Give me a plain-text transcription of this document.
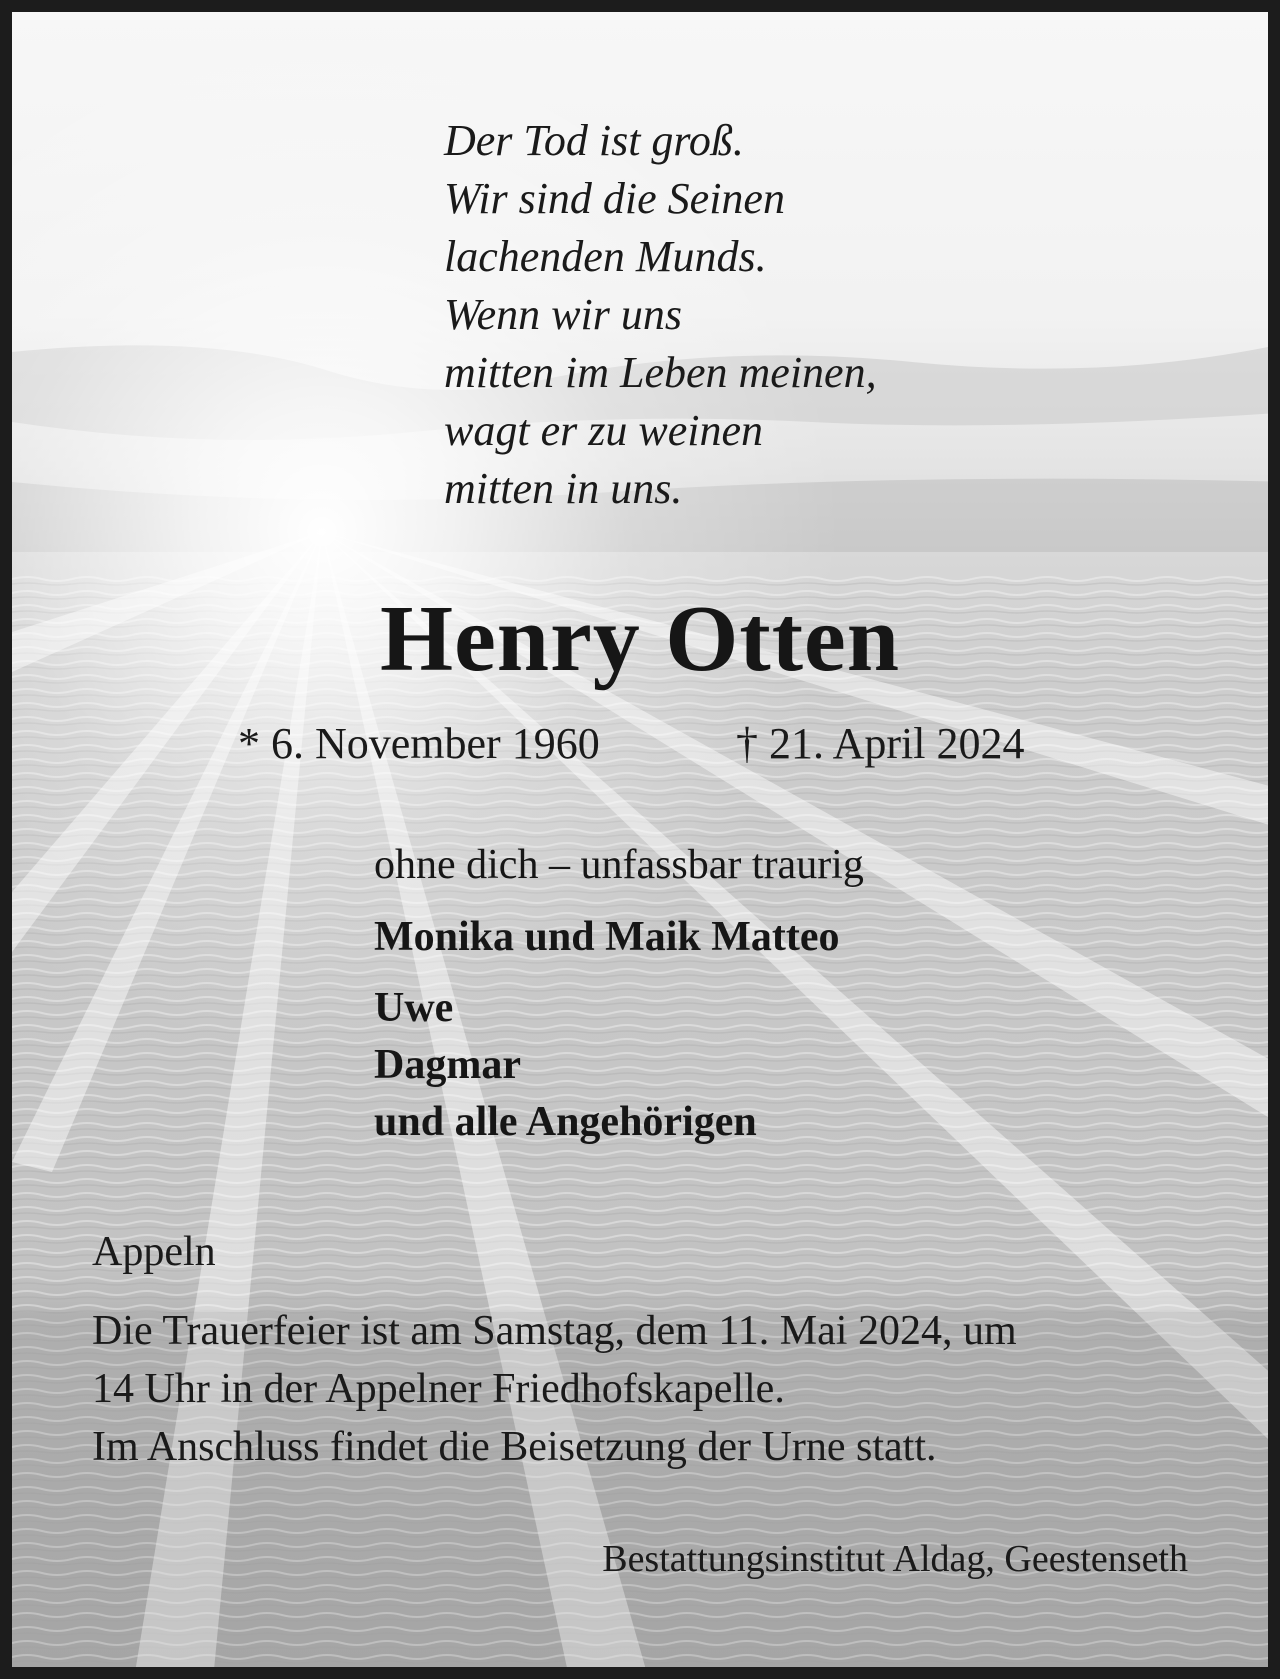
Der Tod ist groß.
Wir sind die Seinen
lachenden Munds.
Wenn wir uns
mitten im Leben meinen,
wagt er zu weinen
mitten in uns.
Henry Otten
* 6. November 1960	† 21. April 2024
ohne dich – unfassbar traurig
Monika und Maik Matteo
Uwe
Dagmar
und alle Angehörigen
Appeln
Die Trauerfeier ist am Samstag, dem 11. Mai 2024, um
14 Uhr in der Appelner Friedhofskapelle.
Im Anschluss findet die Beisetzung der Urne statt.
Bestattungsinstitut Aldag, Geestenseth
